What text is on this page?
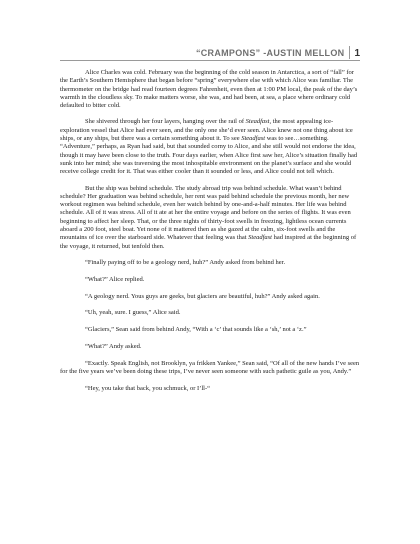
“CRAMPONS” -AUSTIN MELLON 1

Alice Charles was cold. February was the beginning of the cold season in Antarctica, a sort of “fall” for the Earth’s Southern Hemisphere that began before “spring” everywhere else with which Alice was familiar. The thermometer on the bridge had read fourteen degrees Fahrenheit, even then at 1:00 PM local, the peak of the day’s warmth in the cloudless sky. To make matters worse, she was, and had been, at sea, a place where ordinary cold defaulted to bitter cold.

She shivered through her four layers, hanging over the rail of Steadfast, the most appealing ice-exploration vessel that Alice had ever seen, and the only one she’d ever seen. Alice knew not one thing about ice ships, or any ships, but there was a certain something about it. To see Steadfast was to see…something. “Adventure,” perhaps, as Ryan had said, but that sounded corny to Alice, and she still would not endorse the idea, though it may have been close to the truth. Four days earlier, when Alice first saw her, Alice’s situation finally had sunk into her mind; she was traversing the most inhospitable environment on the planet’s surface and she would receive college credit for it. That was either cooler than it sounded or less, and Alice could not tell which.

But the ship was behind schedule. The study abroad trip was behind schedule. What wasn’t behind schedule? Her graduation was behind schedule, her rent was paid behind schedule the previous month, her new workout regimen was behind schedule, even her watch behind by one-and-a-half minutes. Her life was behind schedule. All of it was stress. All of it ate at her the entire voyage and before on the series of flights. It was even beginning to affect her sleep. That, or the three nights of thirty-foot swells in freezing, lightless ocean currents aboard a 200 foot, steel boat. Yet none of it mattered then as she gazed at the calm, six-foot swells and the mountains of ice over the starboard side. Whatever that feeling was that Steadfast had inspired at the beginning of the voyage, it returned, but tenfold then.

“Finally paying off to be a geology nerd, huh?” Andy asked from behind her.

“What?” Alice replied.

“A geology nerd. Yous guys are geeks, but glaciers are beautiful, huh?” Andy asked again.

“Uh, yeah, sure. I guess,” Alice said.

“Glaciers,” Sean said from behind Andy, “With a ‘c’ that sounds like a ‘sh,’ not a ‘z.”

“What?” Andy asked.

“Exactly. Speak English, not Brooklyn, ya frikken Yankee,” Sean said, “Of all of the new hands I’ve seen for the five years we’ve been doing these trips, I’ve never seen someone with such pathetic guile as you, Andy.”

“Hey, you take that back, you schmuck, or I’ll-“
